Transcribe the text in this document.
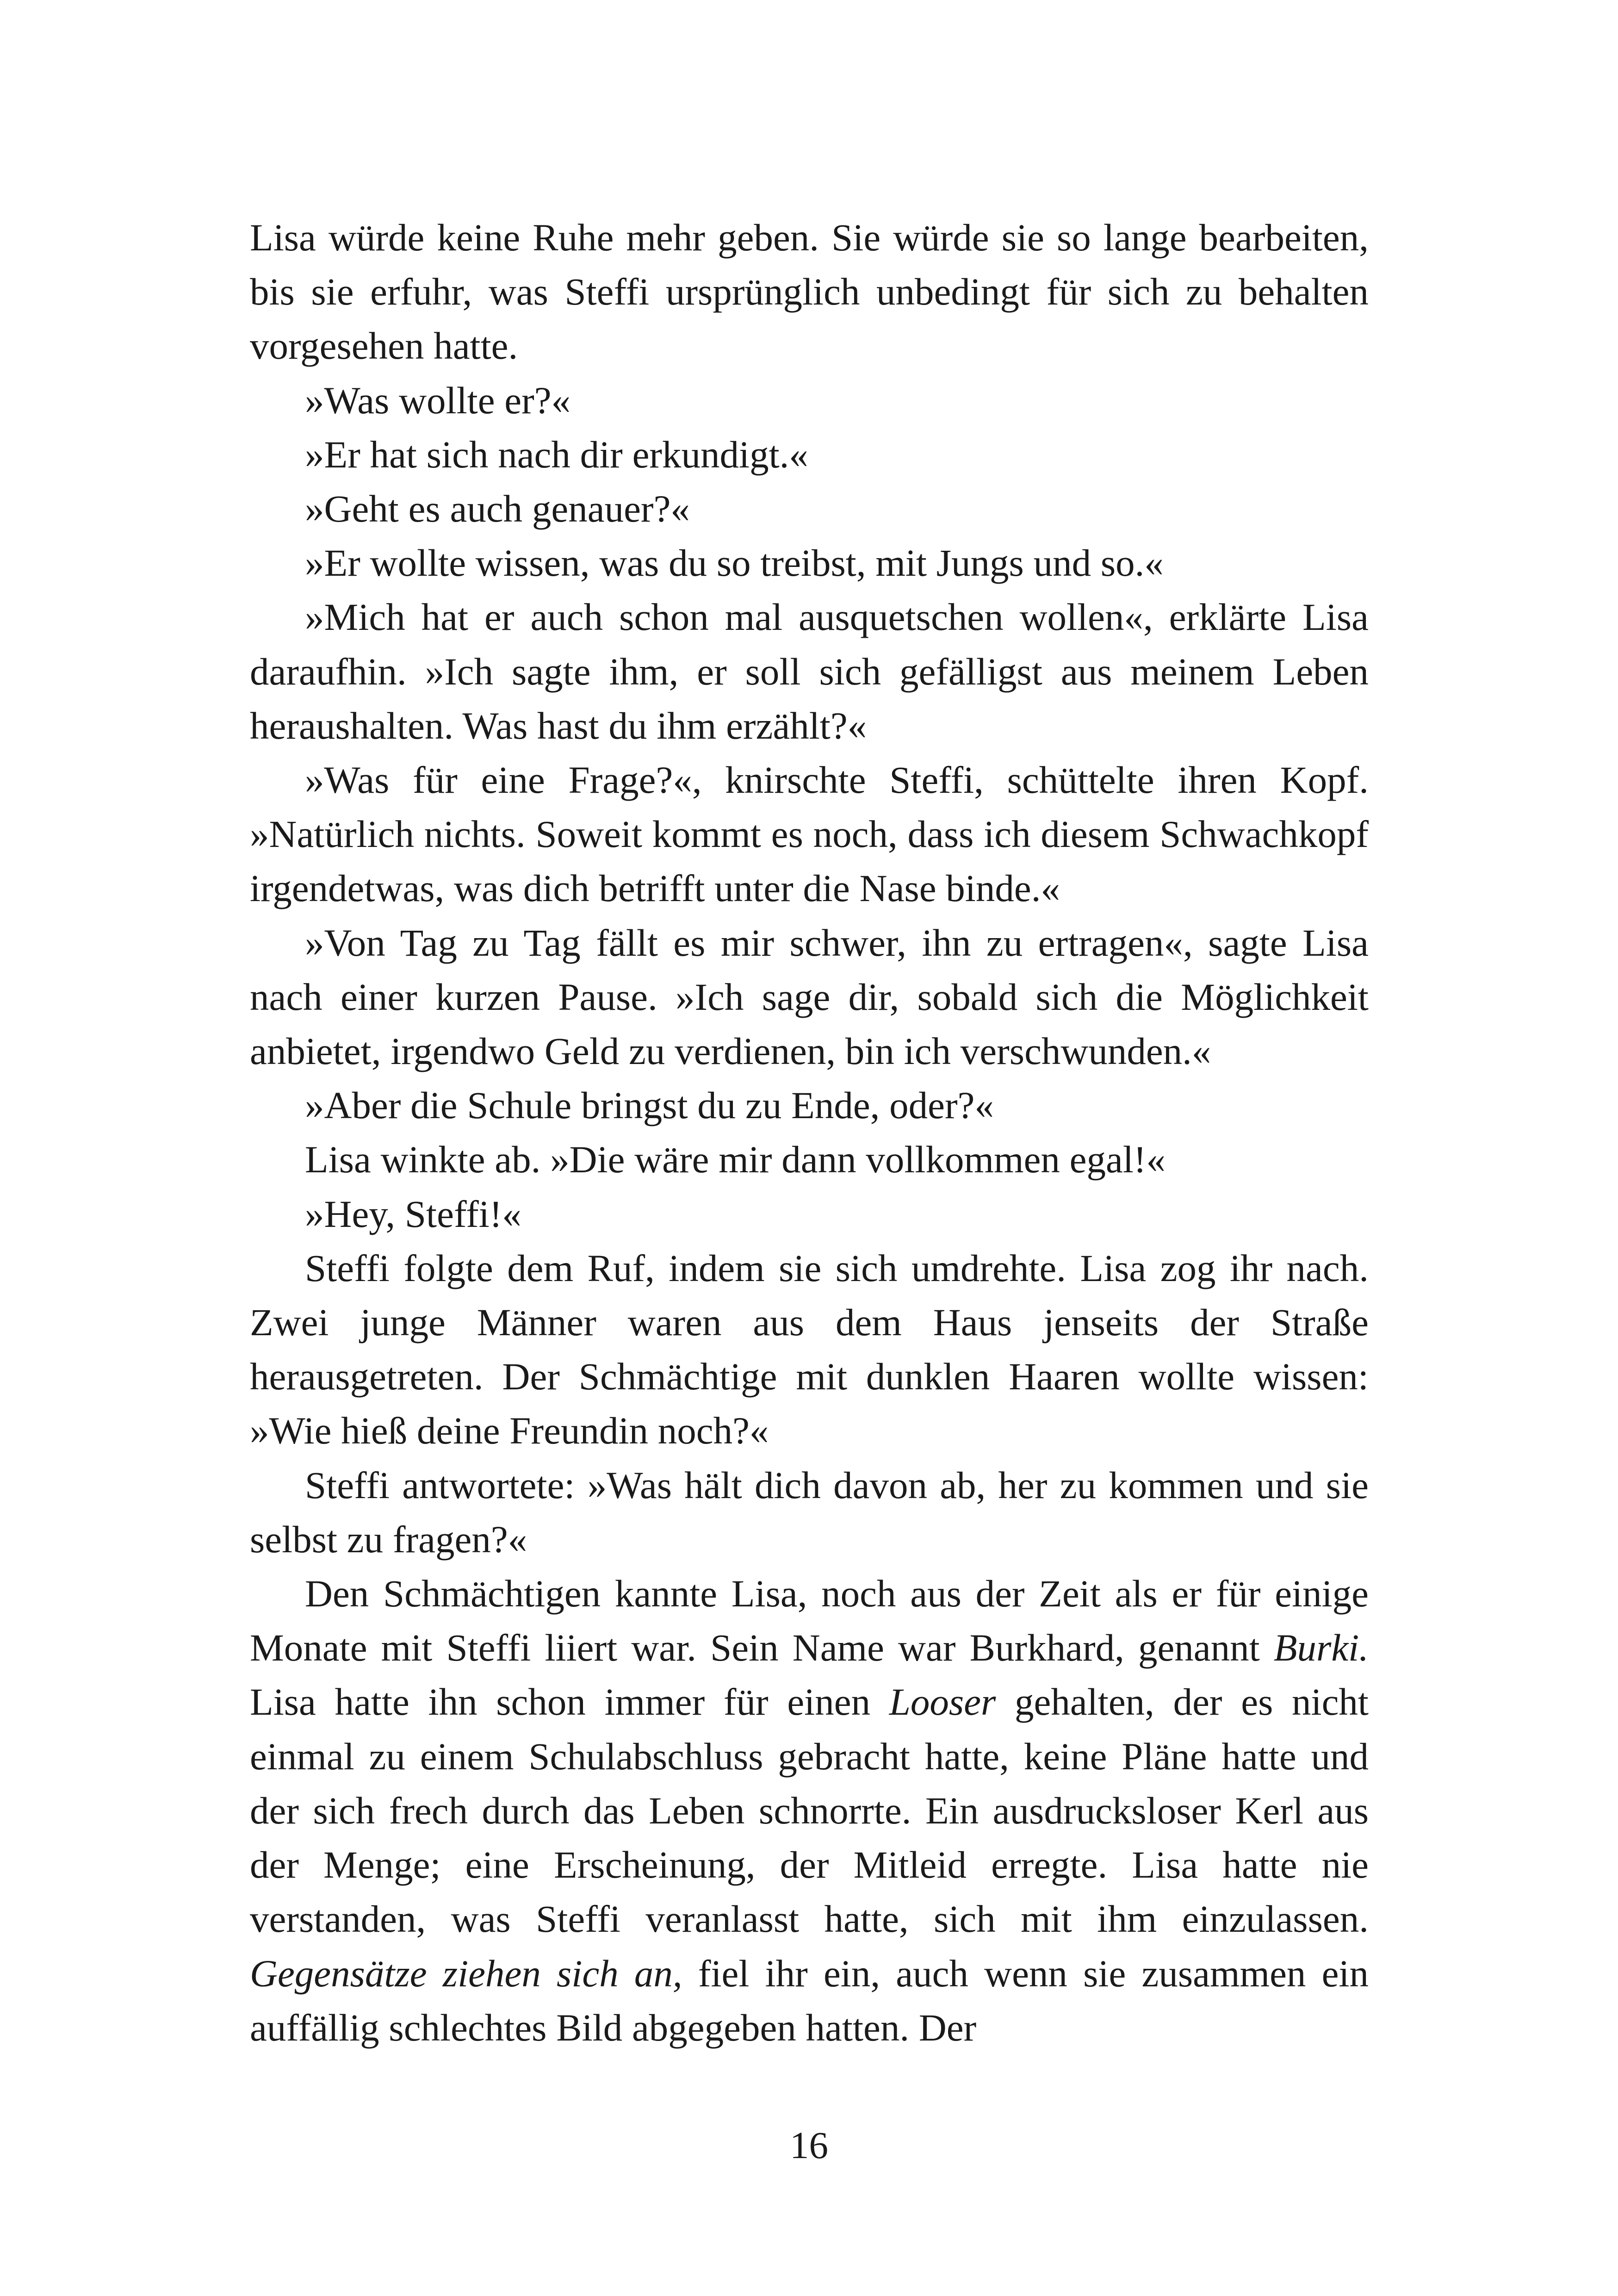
Lisa würde keine Ruhe mehr geben. Sie würde sie so lange bearbeiten, bis sie erfuhr, was Steffi ursprünglich unbedingt für sich zu behalten vorgesehen hatte.

»Was wollte er?«

»Er hat sich nach dir erkundigt.«

»Geht es auch genauer?«

»Er wollte wissen, was du so treibst, mit Jungs und so.«

»Mich hat er auch schon mal ausquetschen wollen«, erklärte Lisa daraufhin. »Ich sagte ihm, er soll sich gefälligst aus meinem Leben heraushalten. Was hast du ihm erzählt?«

»Was für eine Frage?«, knirschte Steffi, schüttelte ihren Kopf. »Natürlich nichts. Soweit kommt es noch, dass ich diesem Schwachkopf irgendetwas, was dich betrifft unter die Nase binde.«

»Von Tag zu Tag fällt es mir schwer, ihn zu ertragen«, sagte Lisa nach einer kurzen Pause. »Ich sage dir, sobald sich die Möglichkeit anbietet, irgendwo Geld zu verdienen, bin ich verschwunden.«

»Aber die Schule bringst du zu Ende, oder?«

Lisa winkte ab. »Die wäre mir dann vollkommen egal!«

»Hey, Steffi!«

Steffi folgte dem Ruf, indem sie sich umdrehte. Lisa zog ihr nach. Zwei junge Männer waren aus dem Haus jenseits der Straße herausgetreten. Der Schmächtige mit dunklen Haaren wollte wissen: »Wie hieß deine Freundin noch?«

Steffi antwortete: »Was hält dich davon ab, her zu kommen und sie selbst zu fragen?«

Den Schmächtigen kannte Lisa, noch aus der Zeit als er für einige Monate mit Steffi liiert war. Sein Name war Burkhard, genannt Burki. Lisa hatte ihn schon immer für einen Looser gehalten, der es nicht einmal zu einem Schulabschluss gebracht hatte, keine Pläne hatte und der sich frech durch das Leben schnorrte. Ein ausdrucksloser Kerl aus der Menge; eine Erscheinung, der Mitleid erregte. Lisa hatte nie verstanden, was Steffi veranlasst hatte, sich mit ihm einzulassen. Gegensätze ziehen sich an, fiel ihr ein, auch wenn sie zusammen ein auffällig schlechtes Bild abgegeben hatten. Der

16
